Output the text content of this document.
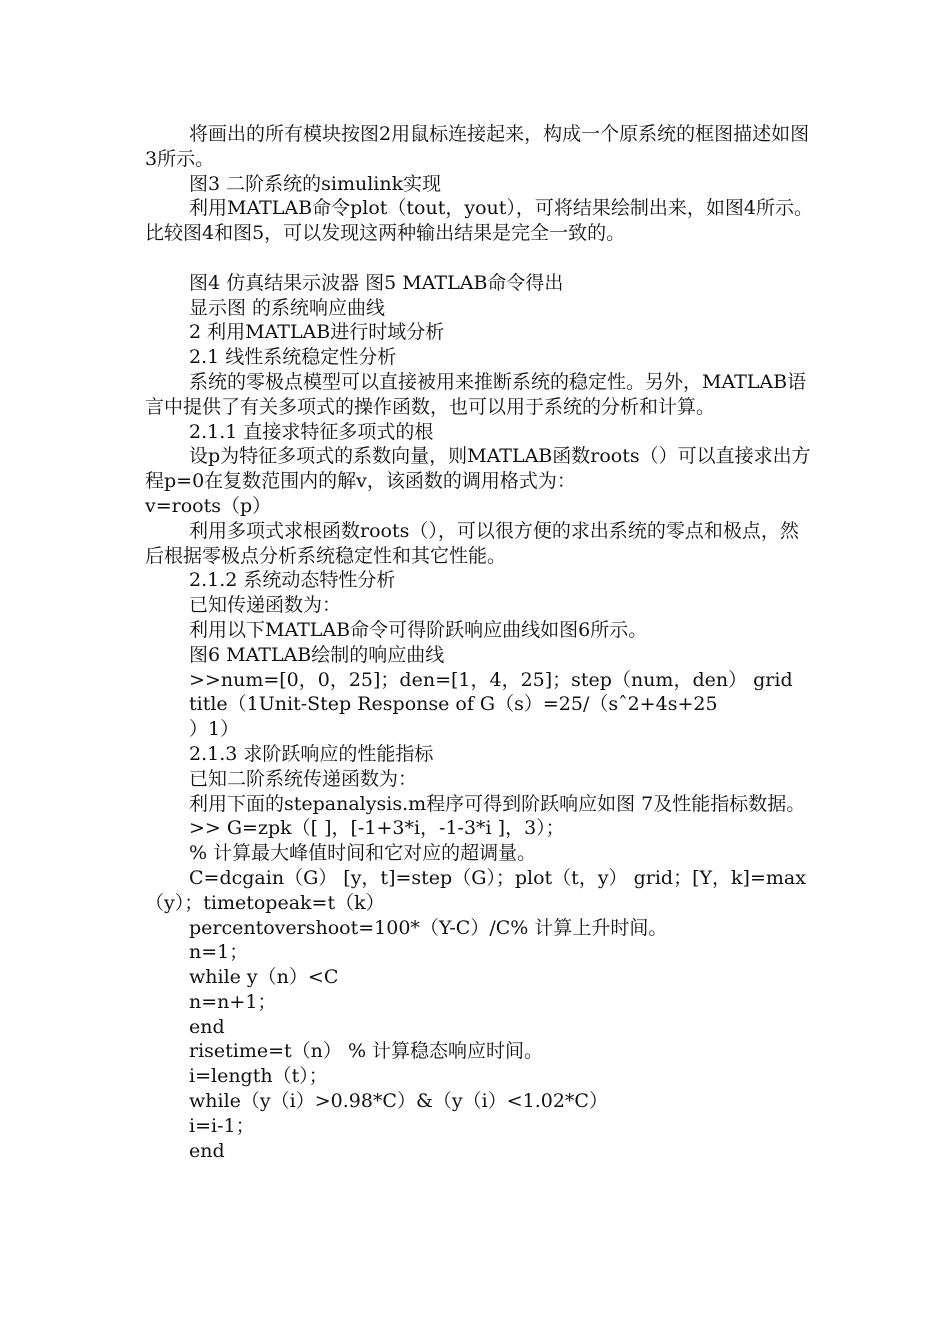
将画出的所有模块按图2用鼠标连接起来，构成一个原系统的框图描述如图3所示。

图3 二阶系统的simulink实现

利用MATLAB命令plot（tout，yout），可将结果绘制出来，如图4所示。比较图4和图5，可以发现这两种输出结果是完全一致的。

图4 仿真结果示波器 图5 MATLAB命令得出

显示图 的系统响应曲线

2 利用MATLAB进行时域分析

2.1 线性系统稳定性分析

系统的零极点模型可以直接被用来推断系统的稳定性。另外，MATLAB语言中提供了有关多项式的操作函数，也可以用于系统的分析和计算。

2.1.1 直接求特征多项式的根

设p为特征多项式的系数向量，则MATLAB函数roots（）可以直接求出方程p=0在复数范围内的解v，该函数的调用格式为：

v=roots（p）

利用多项式求根函数roots（），可以很方便的求出系统的零点和极点，然后根据零极点分析系统稳定性和其它性能。

2.1.2 系统动态特性分析

已知传递函数为：

利用以下MATLAB命令可得阶跃响应曲线如图6所示。

图6 MATLAB绘制的响应曲线

>>num=[0，0，25]；den=[1，4，25]；step（num，den） grid

title（1Unit-Step Response of G（s）=25/（sˆ2+4s+25

）1）

2.1.3 求阶跃响应的性能指标

已知二阶系统传递函数为：

利用下面的stepanalysis.m程序可得到阶跃响应如图 7及性能指标数据。

>> G=zpk（[ ]，[-1+3*i，-1-3*i ]，3）；

% 计算最大峰值时间和它对应的超调量。

C=dcgain（G） [y，t]=step（G）；plot（t，y） grid；[Y，k]=max（y）；timetopeak=t（k）

percentovershoot=100*（Y-C）/C% 计算上升时间。

n=1；

while y（n）<C

n=n+1；

end

risetime=t（n） % 计算稳态响应时间。

i=length（t）；

while（y（i）>0.98*C）&（y（i）<1.02*C）

i=i-1；

end
